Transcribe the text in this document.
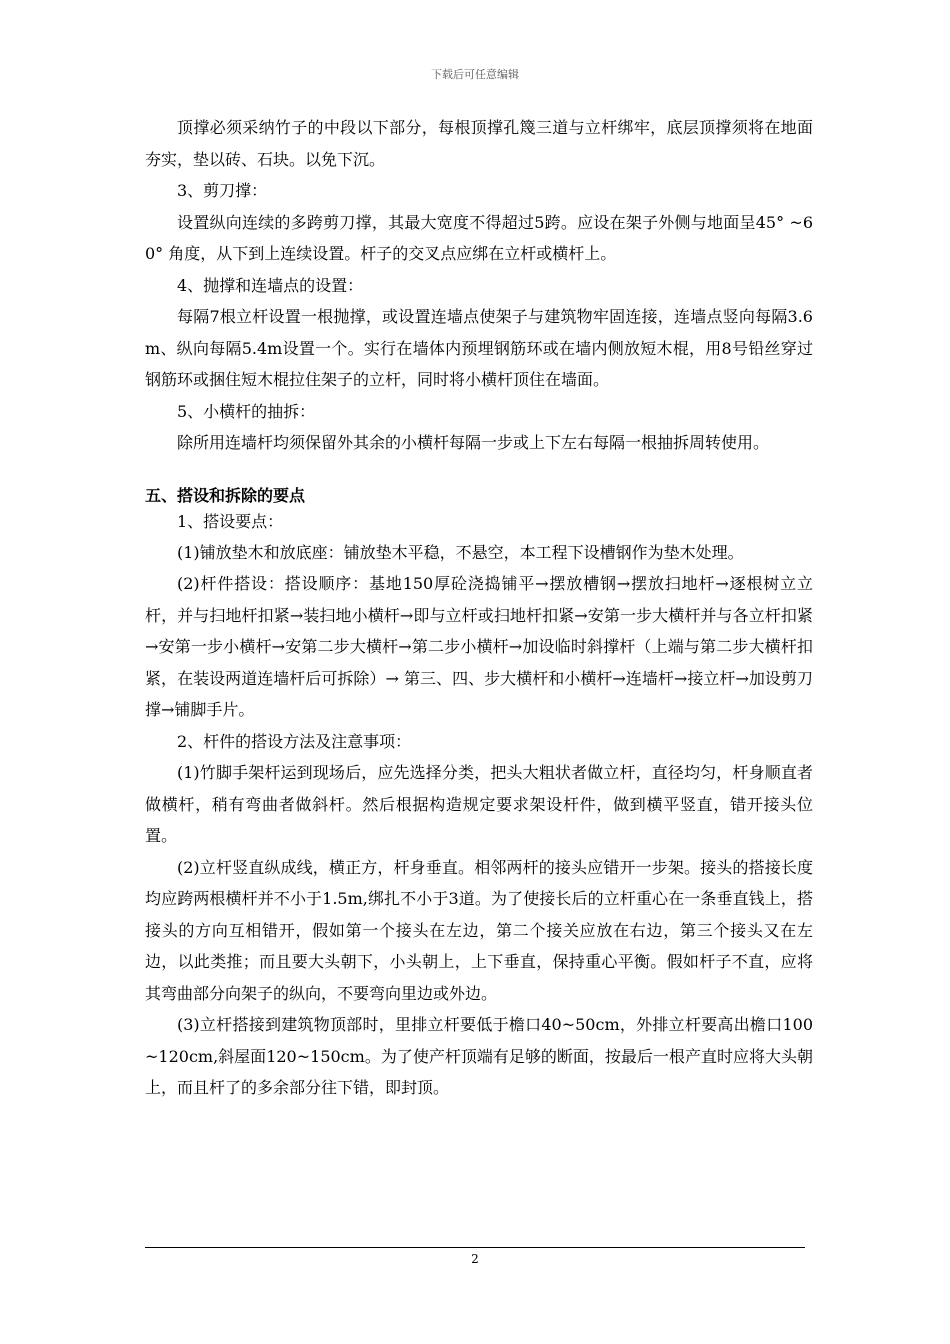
下载后可任意编辑

顶撑必须采纳竹子的中段以下部分，每根顶撑孔篾三道与立杆绑牢，底层顶撑须将在地面夯实，垫以砖、石块。以免下沉。

3、剪刀撑：

设置纵向连续的多跨剪刀撑，其最大宽度不得超过5跨。应设在架子外侧与地面呈45° ~60° 角度，从下到上连续设置。杆子的交叉点应绑在立杆或横杆上。

4、抛撑和连墙点的设置：

每隔7根立杆设置一根抛撑，或设置连墙点使架子与建筑物牢固连接，连墙点竖向每隔3.6m、纵向每隔5.4m设置一个。实行在墙体内预埋钢筋环或在墙内侧放短木棍，用8号铅丝穿过钢筋环或捆住短木棍拉住架子的立杆，同时将小横杆顶住在墙面。

5、小横杆的抽拆：

除所用连墙杆均须保留外其余的小横杆每隔一步或上下左右每隔一根抽拆周转使用。

五、搭设和拆除的要点

1、搭设要点：

(1)铺放垫木和放底座：铺放垫木平稳，不悬空，本工程下设槽钢作为垫木处理。

(2)杆件搭设：搭设顺序：基地150厚砼浇捣铺平→摆放槽钢→摆放扫地杆→逐根树立立杆，并与扫地杆扣紧→装扫地小横杆→即与立杆或扫地杆扣紧→安第一步大横杆并与各立杆扣紧→安第一步小横杆→安第二步大横杆→第二步小横杆→加设临时斜撑杆（上端与第二步大横杆扣紧，在装设两道连墙杆后可拆除）→ 第三、四、步大横杆和小横杆→连墙杆→接立杆→加设剪刀撑→铺脚手片。

2、杆件的搭设方法及注意事项：

(1)竹脚手架杆运到现场后，应先选择分类，把头大粗状者做立杆，直径均匀，杆身顺直者做横杆，稍有弯曲者做斜杆。然后根据构造规定要求架设杆件，做到横平竖直，错开接头位置。

(2)立杆竖直纵成线，横正方，杆身垂直。相邻两杆的接头应错开一步架。接头的搭接长度均应跨两根横杆并不小于1.5m,绑扎不小于3道。为了使接长后的立杆重心在一条垂直钱上，搭接头的方向互相错开，假如第一个接头在左边，第二个接关应放在右边，第三个接头又在左边，以此类推；而且要大头朝下，小头朝上，上下垂直，保持重心平衡。假如杆子不直，应将其弯曲部分向架子的纵向，不要弯向里边或外边。

(3)立杆搭接到建筑物顶部时，里排立杆要低于檐口40~50cm，外排立杆要高出檐口100~120cm,斜屋面120~150cm。为了使产杆顶端有足够的断面，按最后一根产直时应将大头朝上，而且杆了的多余部分往下错，即封顶。

2
